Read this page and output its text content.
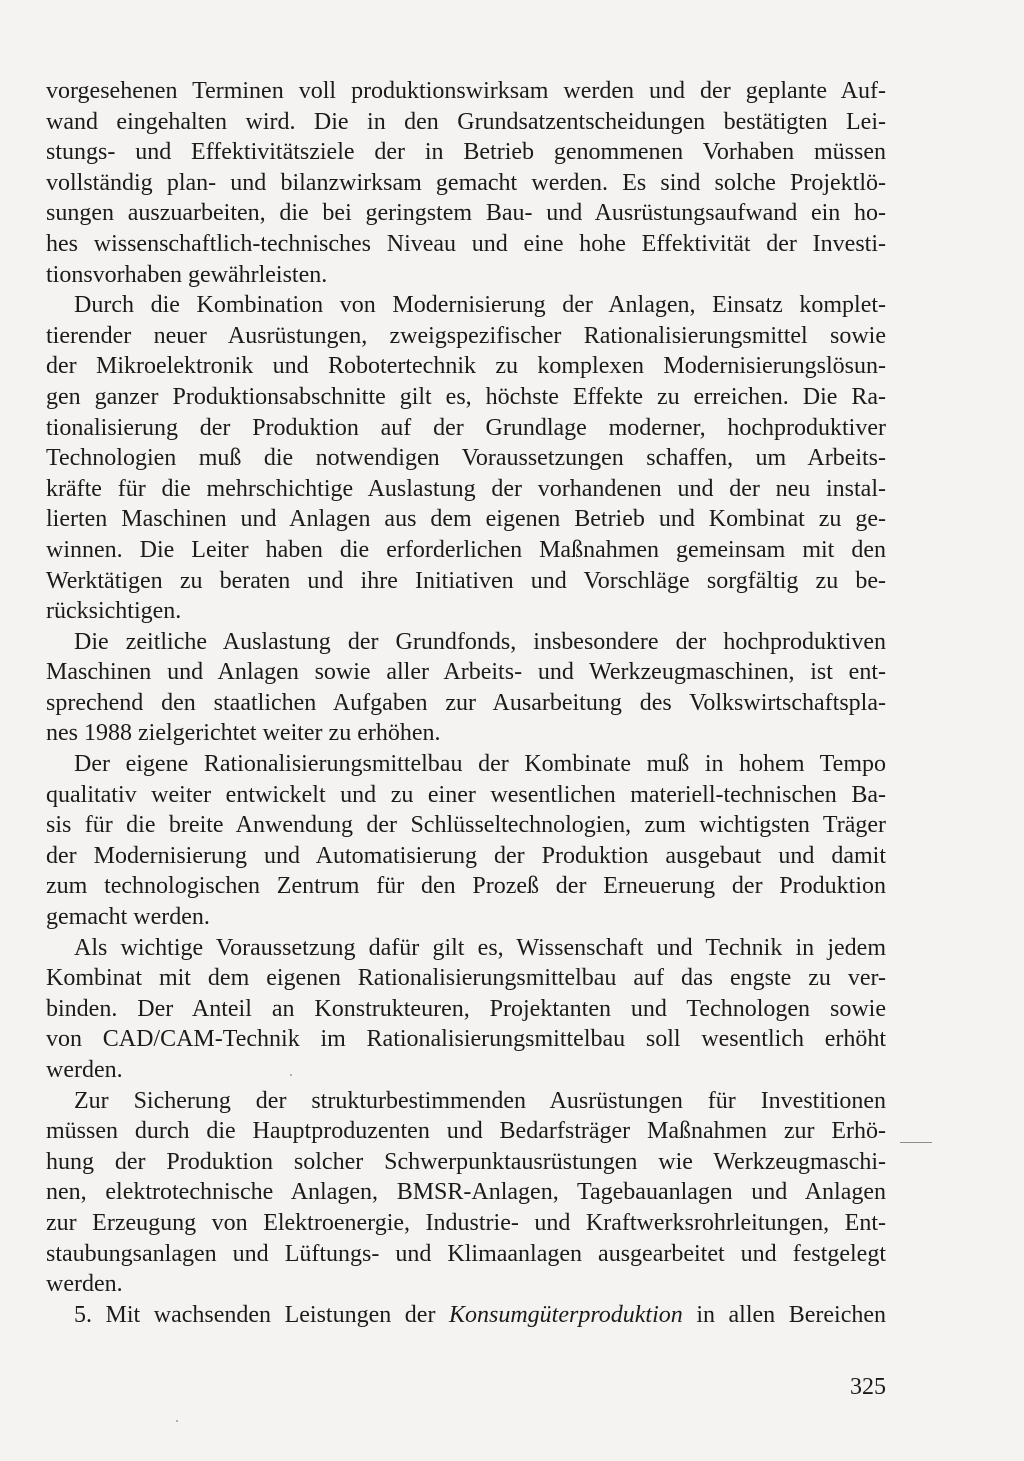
vorgesehenen Terminen voll produktionswirksam werden und der geplante Auf-
wand eingehalten wird. Die in den Grundsatzentscheidungen bestätigten Lei-
stungs- und Effektivitätsziele der in Betrieb genommenen Vorhaben müssen
vollständig plan- und bilanzwirksam gemacht werden. Es sind solche Projektlö-
sungen auszuarbeiten, die bei geringstem Bau- und Ausrüstungsaufwand ein ho-
hes wissenschaftlich-technisches Niveau und eine hohe Effektivität der Investi-
tionsvorhaben gewährleisten.
Durch die Kombination von Modernisierung der Anlagen, Einsatz komplet-
tierender neuer Ausrüstungen, zweigspezifischer Rationalisierungsmittel sowie
der Mikroelektronik und Robotertechnik zu komplexen Modernisierungslösun-
gen ganzer Produktionsabschnitte gilt es, höchste Effekte zu erreichen. Die Ra-
tionalisierung der Produktion auf der Grundlage moderner, hochproduktiver
Technologien muß die notwendigen Voraussetzungen schaffen, um Arbeits-
kräfte für die mehrschichtige Auslastung der vorhandenen und der neu instal-
lierten Maschinen und Anlagen aus dem eigenen Betrieb und Kombinat zu ge-
winnen. Die Leiter haben die erforderlichen Maßnahmen gemeinsam mit den
Werktätigen zu beraten und ihre Initiativen und Vorschläge sorgfältig zu be-
rücksichtigen.
Die zeitliche Auslastung der Grundfonds, insbesondere der hochproduktiven
Maschinen und Anlagen sowie aller Arbeits- und Werkzeugmaschinen, ist ent-
sprechend den staatlichen Aufgaben zur Ausarbeitung des Volkswirtschaftspla-
nes 1988 zielgerichtet weiter zu erhöhen.
Der eigene Rationalisierungsmittelbau der Kombinate muß in hohem Tempo
qualitativ weiter entwickelt und zu einer wesentlichen materiell-technischen Ba-
sis für die breite Anwendung der Schlüsseltechnologien, zum wichtigsten Träger
der Modernisierung und Automatisierung der Produktion ausgebaut und damit
zum technologischen Zentrum für den Prozeß der Erneuerung der Produktion
gemacht werden.
Als wichtige Voraussetzung dafür gilt es, Wissenschaft und Technik in jedem
Kombinat mit dem eigenen Rationalisierungsmittelbau auf das engste zu ver-
binden. Der Anteil an Konstrukteuren, Projektanten und Technologen sowie
von CAD/CAM-Technik im Rationalisierungsmittelbau soll wesentlich erhöht
werden.
Zur Sicherung der strukturbestimmenden Ausrüstungen für Investitionen
müssen durch die Hauptproduzenten und Bedarfsträger Maßnahmen zur Erhö-
hung der Produktion solcher Schwerpunktausrüstungen wie Werkzeugmaschi-
nen, elektrotechnische Anlagen, BMSR-Anlagen, Tagebauanlagen und Anlagen
zur Erzeugung von Elektroenergie, Industrie- und Kraftwerksrohrleitungen, Ent-
staubungsanlagen und Lüftungs- und Klimaanlagen ausgearbeitet und festgelegt
werden.
5. Mit wachsenden Leistungen der Konsumgüterproduktion in allen Bereichen
325
